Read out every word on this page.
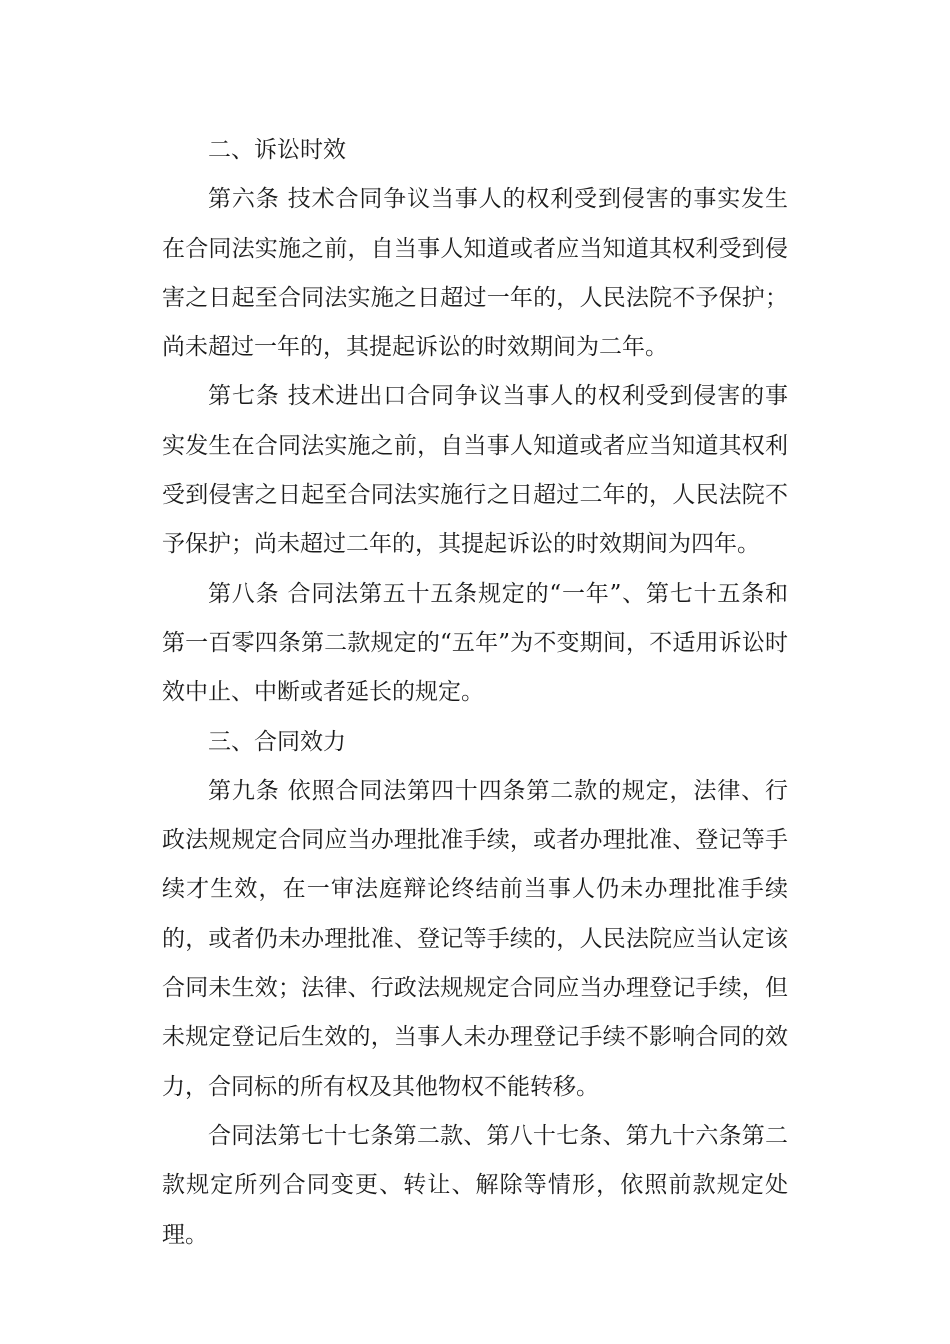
二、诉讼时效

第六条 技术合同争议当事人的权利受到侵害的事实发生在合同法实施之前，自当事人知道或者应当知道其权利受到侵害之日起至合同法实施之日超过一年的，人民法院不予保护；尚未超过一年的，其提起诉讼的时效期间为二年。

第七条 技术进出口合同争议当事人的权利受到侵害的事实发生在合同法实施之前，自当事人知道或者应当知道其权利受到侵害之日起至合同法实施行之日超过二年的，人民法院不予保护；尚未超过二年的，其提起诉讼的时效期间为四年。

第八条 合同法第五十五条规定的“一年”、第七十五条和第一百零四条第二款规定的“五年”为不变期间，不适用诉讼时效中止、中断或者延长的规定。

三、合同效力

第九条 依照合同法第四十四条第二款的规定，法律、行政法规规定合同应当办理批准手续，或者办理批准、登记等手续才生效，在一审法庭辩论终结前当事人仍未办理批准手续的，或者仍未办理批准、登记等手续的，人民法院应当认定该合同未生效；法律、行政法规规定合同应当办理登记手续，但未规定登记后生效的，当事人未办理登记手续不影响合同的效力，合同标的所有权及其他物权不能转移。

合同法第七十七条第二款、第八十七条、第九十六条第二款规定所列合同变更、转让、解除等情形，依照前款规定处理。
